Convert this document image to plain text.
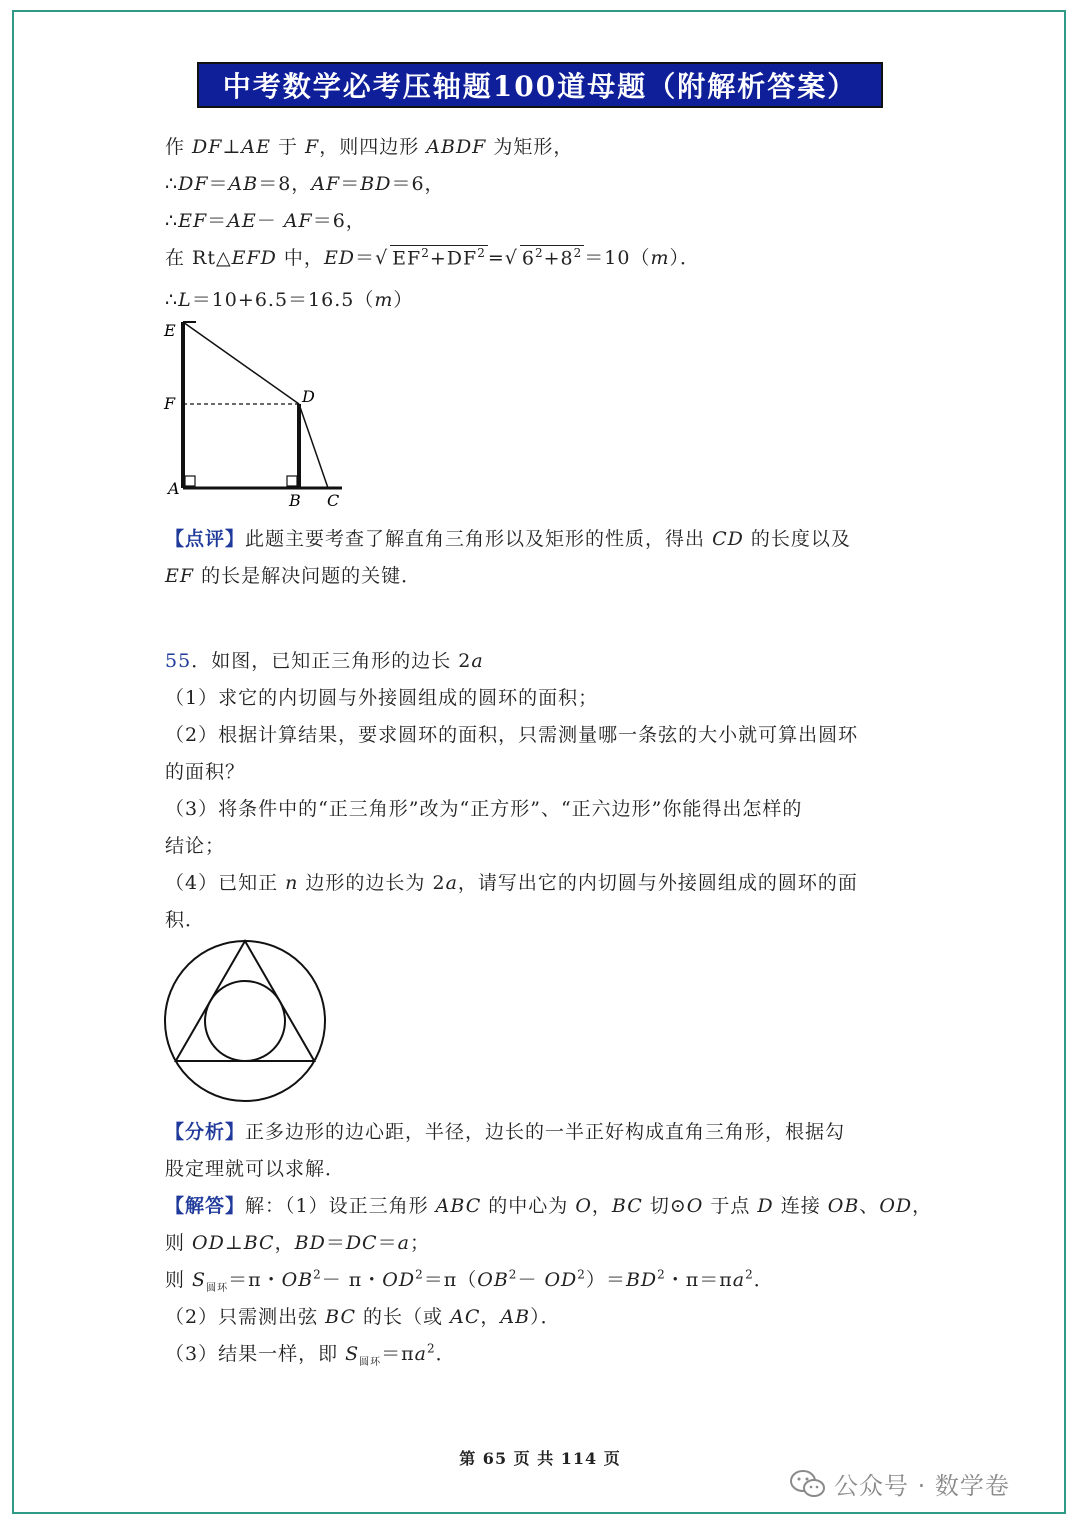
中考数学必考压轴题100道母题（附解析答案）
作 DF⊥AE 于 F，则四边形 ABDF 为矩形，
∴DF＝AB＝8，AF＝BD＝6，
∴EF＝AE－ AF＝6，
在 Rt△EFD 中，ED＝√ $EF^2+DF^2$ =√ $6^2+8^2 =10(m)$．
∴L＝10+6.5＝16.5（m）
E
F	D
A
B C
【点评】此题主要考查了解直角三角形以及矩形的性质，得出 CD 的长度以及
EF 的长是解决问题的关键．
55．如图，已知正三角形的边长 2a
（1）求它的内切圆与外接圆组成的圆环的面积；
（2）根据计算结果，要求圆环的面积，只需测量哪一条弦的大小就可算出圆环
的面积？
（3）将条件中的“正三角形”改为“正方形”、“正六边形”你能得出怎样的
结论；
（4）已知正 n 边形的边长为 2a，请写出它的内切圆与外接圆组成的圆环的面
积．
【分析】正多边形的边心距，半径，边长的一半正好构成直角三角形，根据勾
股定理就可以求解．
【解答】解：（1）设正三角形 ABC 的中心为 O，BC 切⊙O 于点 D 连接 OB、OD，
则 OD⊥BC，BD＝DC＝a；
则 $S_{圆环}=\pi$・$OB^2- \pi$・$OD^2=\pi(OB^2- OD^2)=BD^2$・$\pi=\pi a^2$．
（2）只需测出弦 BC 的长（或 AC，AB）．
（3）结果一样，即 $S_{圆环}=\pi a^2$．
第 65 页 共 114 页
公众号 · 数学卷
